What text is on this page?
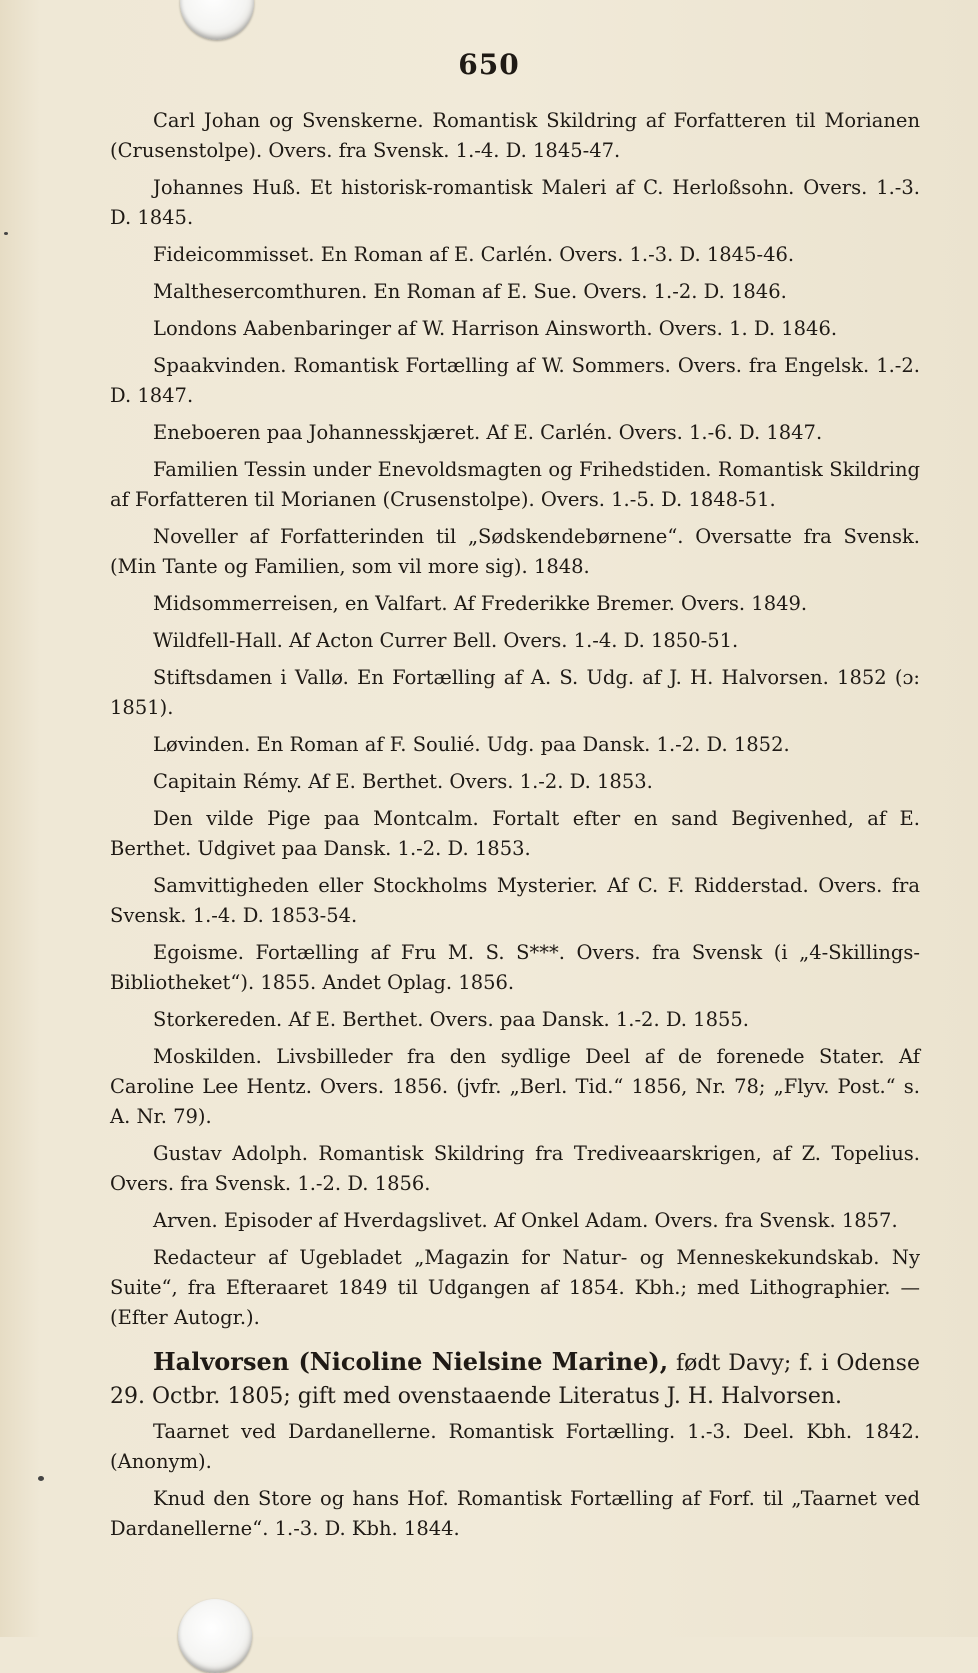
650

Carl Johan og Svenskerne. Romantisk Skildring af Forfatteren til Morianen (Crusenstolpe). Overs. fra Svensk. 1.-4. D. 1845-47.

Johannes Huß. Et historisk-romantisk Maleri af C. Herloßsohn. Overs. 1.-3. D. 1845.

Fideicommisset. En Roman af E. Carlén. Overs. 1.-3. D. 1845-46.

Malthesercomthuren. En Roman af E. Sue. Overs. 1.-2. D. 1846.

Londons Aabenbaringer af W. Harrison Ainsworth. Overs. 1. D. 1846.

Spaakvinden. Romantisk Fortælling af W. Sommers. Overs. fra Engelsk. 1.-2. D. 1847.

Eneboeren paa Johannesskjæret. Af E. Carlén. Overs. 1.-6. D. 1847.

Familien Tessin under Enevoldsmagten og Frihedstiden. Romantisk Skildring af Forfatteren til Morianen (Crusenstolpe). Overs. 1.-5. D. 1848-51.

Noveller af Forfatterinden til „Sødskendebørnene“. Oversatte fra Svensk. (Min Tante og Familien, som vil more sig). 1848.

Midsommerreisen, en Valfart. Af Frederikke Bremer. Overs. 1849.

Wildfell-Hall. Af Acton Currer Bell. Overs. 1.-4. D. 1850-51.

Stiftsdamen i Vallø. En Fortælling af A. S. Udg. af J. H. Halvorsen. 1852 (ɔ: 1851).

Løvinden. En Roman af F. Soulié. Udg. paa Dansk. 1.-2. D. 1852.

Capitain Rémy. Af E. Berthet. Overs. 1.-2. D. 1853.

Den vilde Pige paa Montcalm. Fortalt efter en sand Begivenhed, af E. Berthet. Udgivet paa Dansk. 1.-2. D. 1853.

Samvittigheden eller Stockholms Mysterier. Af C. F. Ridderstad. Overs. fra Svensk. 1.-4. D. 1853-54.

Egoisme. Fortælling af Fru M. S. S***. Overs. fra Svensk (i „4-Skillings-Bibliotheket“). 1855. Andet Oplag. 1856.

Storkereden. Af E. Berthet. Overs. paa Dansk. 1.-2. D. 1855.

Moskilden. Livsbilleder fra den sydlige Deel af de forenede Stater. Af Caroline Lee Hentz. Overs. 1856. (jvfr. „Berl. Tid.“ 1856, Nr. 78; „Flyv. Post.“ s. A. Nr. 79).

Gustav Adolph. Romantisk Skildring fra Trediveaarskrigen, af Z. Topelius. Overs. fra Svensk. 1.-2. D. 1856.

Arven. Episoder af Hverdagslivet. Af Onkel Adam. Overs. fra Svensk. 1857.

Redacteur af Ugebladet „Magazin for Natur- og Menneskekundskab. Ny Suite“, fra Efteraaret 1849 til Udgangen af 1854. Kbh.; med Lithographier. — (Efter Autogr.).

Halvorsen (Nicoline Nielsine Marine), født Davy; f. i Odense 29. Octbr. 1805; gift med ovenstaaende Literatus J. H. Halvorsen.

Taarnet ved Dardanellerne. Romantisk Fortælling. 1.-3. Deel. Kbh. 1842. (Anonym).

Knud den Store og hans Hof. Romantisk Fortælling af Forf. til „Taarnet ved Dardanellerne“. 1.-3. D. Kbh. 1844.
